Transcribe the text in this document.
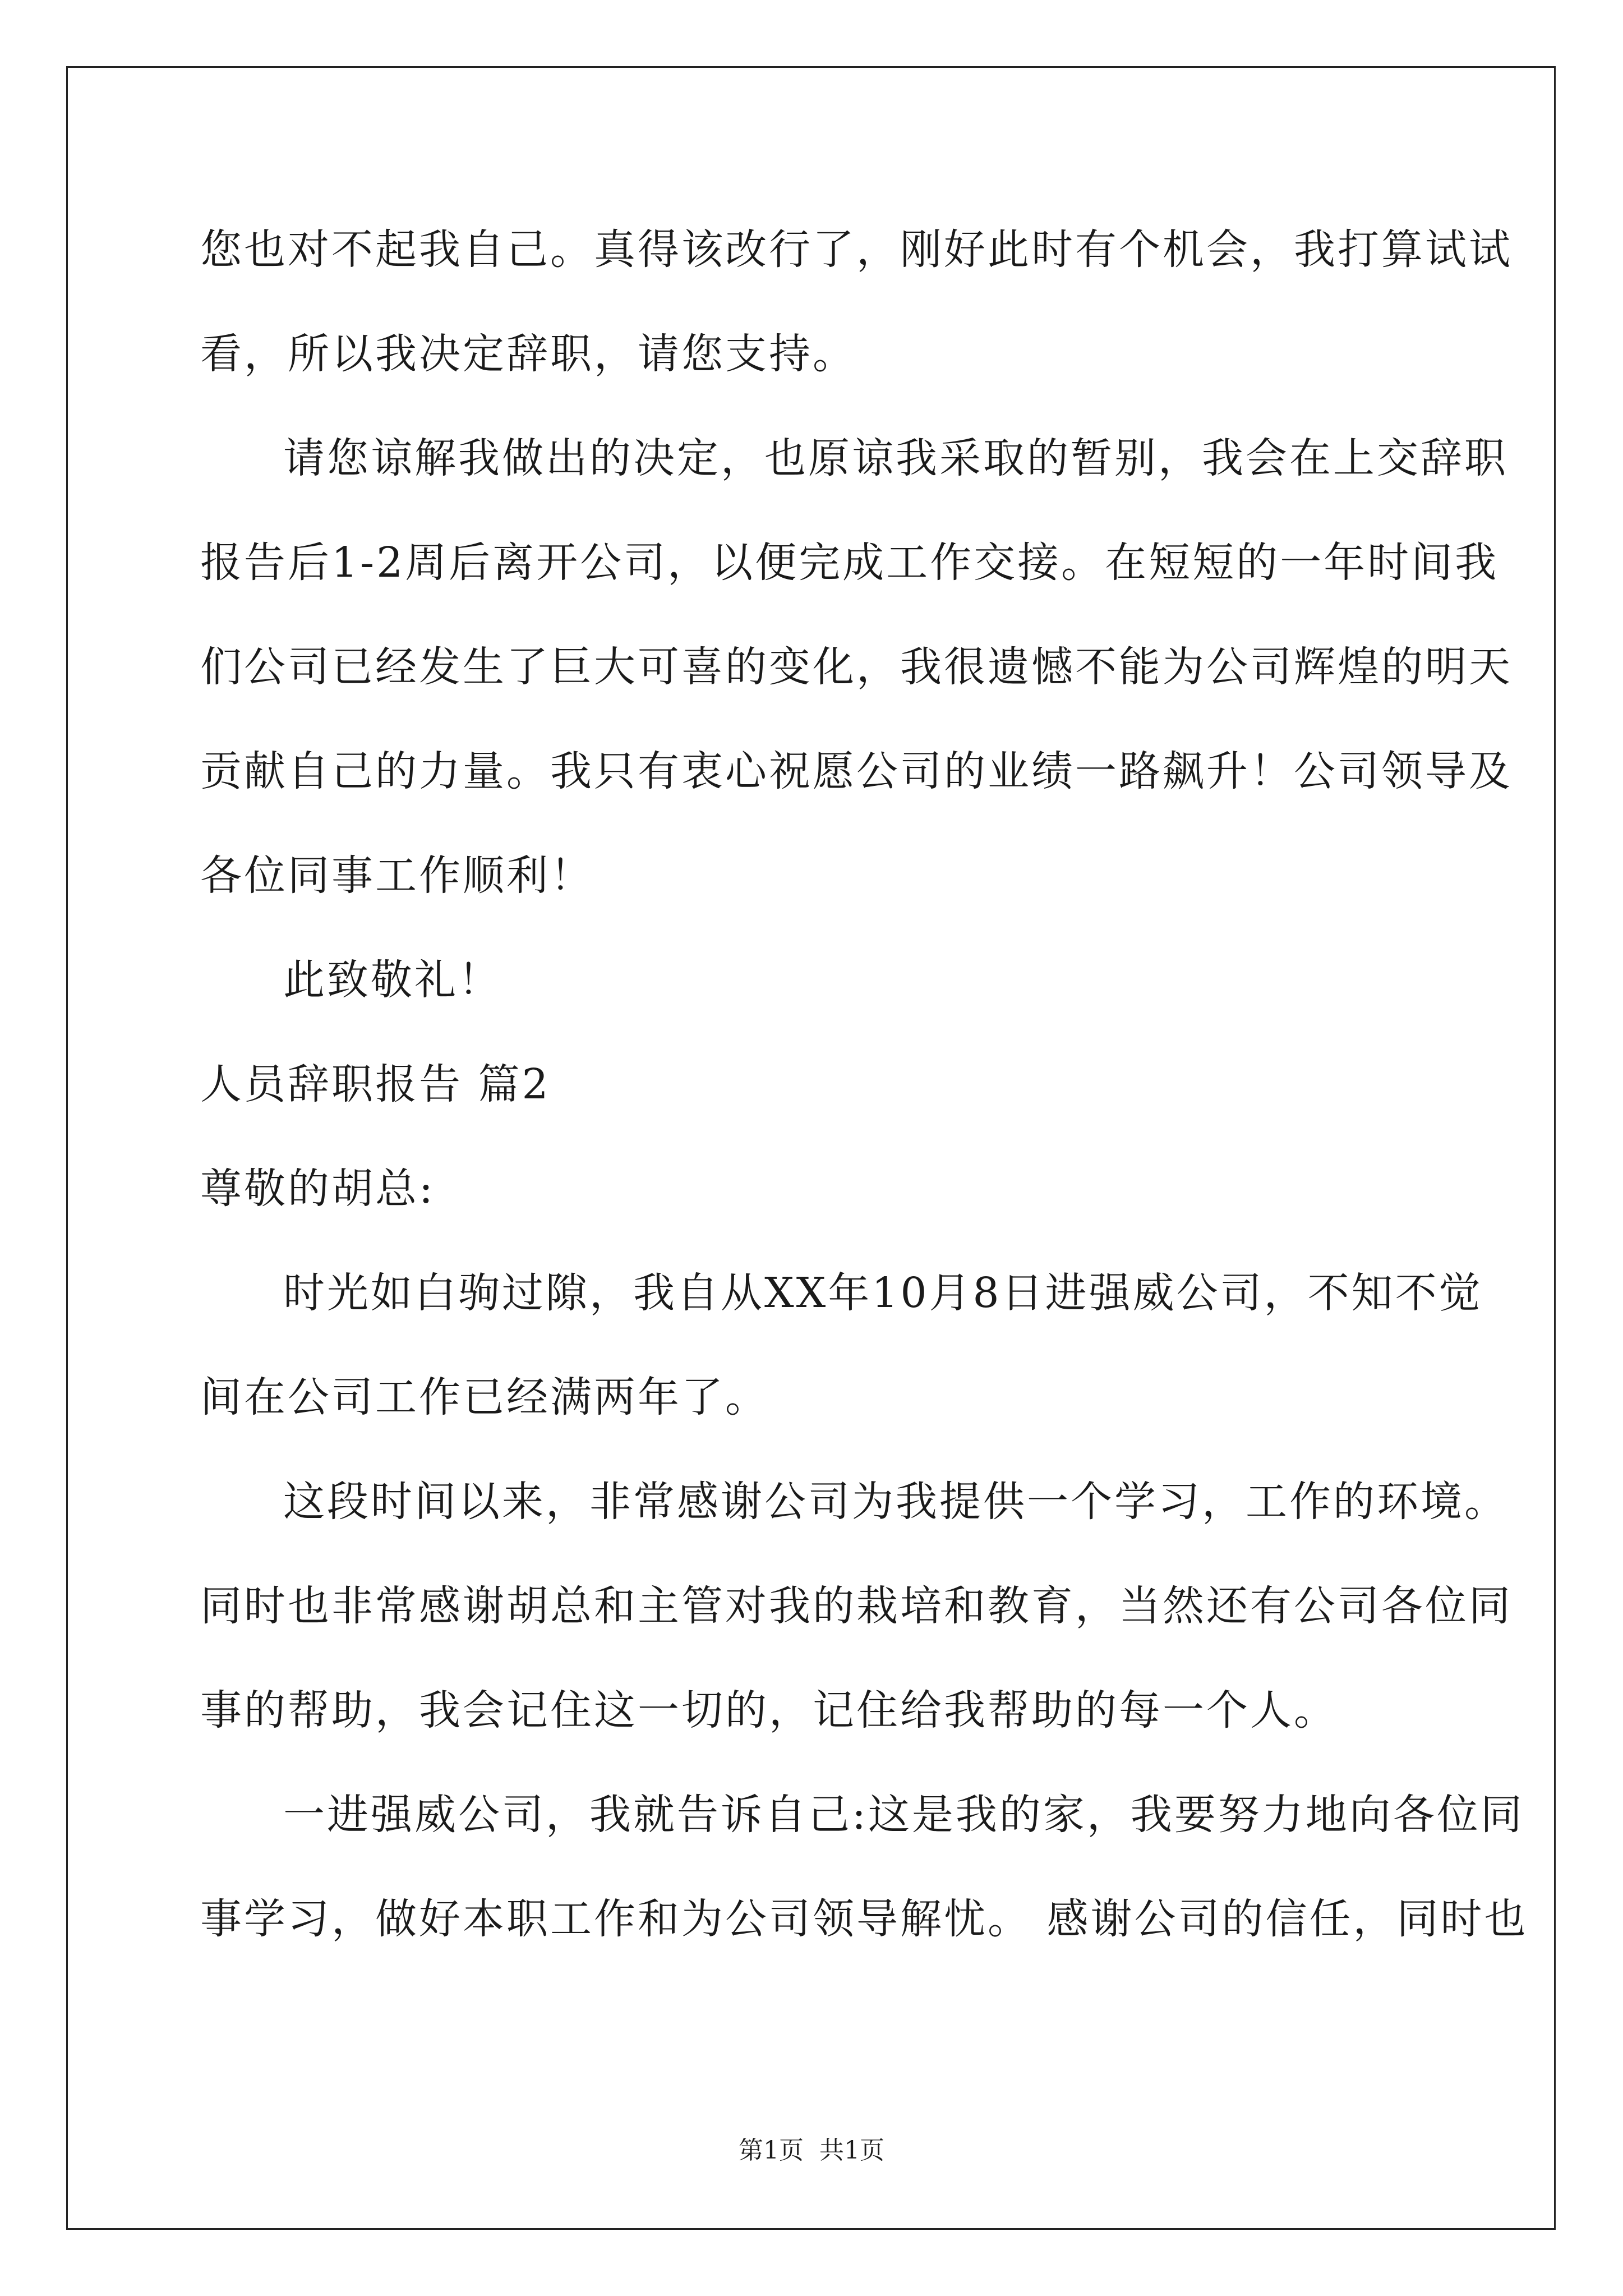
您也对不起我自己。真得该改行了，刚好此时有个机会，我打算试试
看，所以我决定辞职，请您支持。
请您谅解我做出的决定，也原谅我采取的暂别，我会在上交辞职
报告后1-2周后离开公司，以便完成工作交接。在短短的一年时间我
们公司已经发生了巨大可喜的变化，我很遗憾不能为公司辉煌的明天
贡献自己的力量。我只有衷心祝愿公司的业绩一路飙升！公司领导及
各位同事工作顺利！
此致敬礼！
人员辞职报告 篇2
尊敬的胡总:
时光如白驹过隙，我自从XX年10月8日进强威公司，不知不觉
间在公司工作已经满两年了。
这段时间以来，非常感谢公司为我提供一个学习，工作的环境。
同时也非常感谢胡总和主管对我的栽培和教育，当然还有公司各位同
事的帮助，我会记住这一切的，记住给我帮助的每一个人。
一进强威公司，我就告诉自己:这是我的家，我要努力地向各位同
事学习，做好本职工作和为公司领导解忧。 感谢公司的信任，同时也
第1页 共1页
